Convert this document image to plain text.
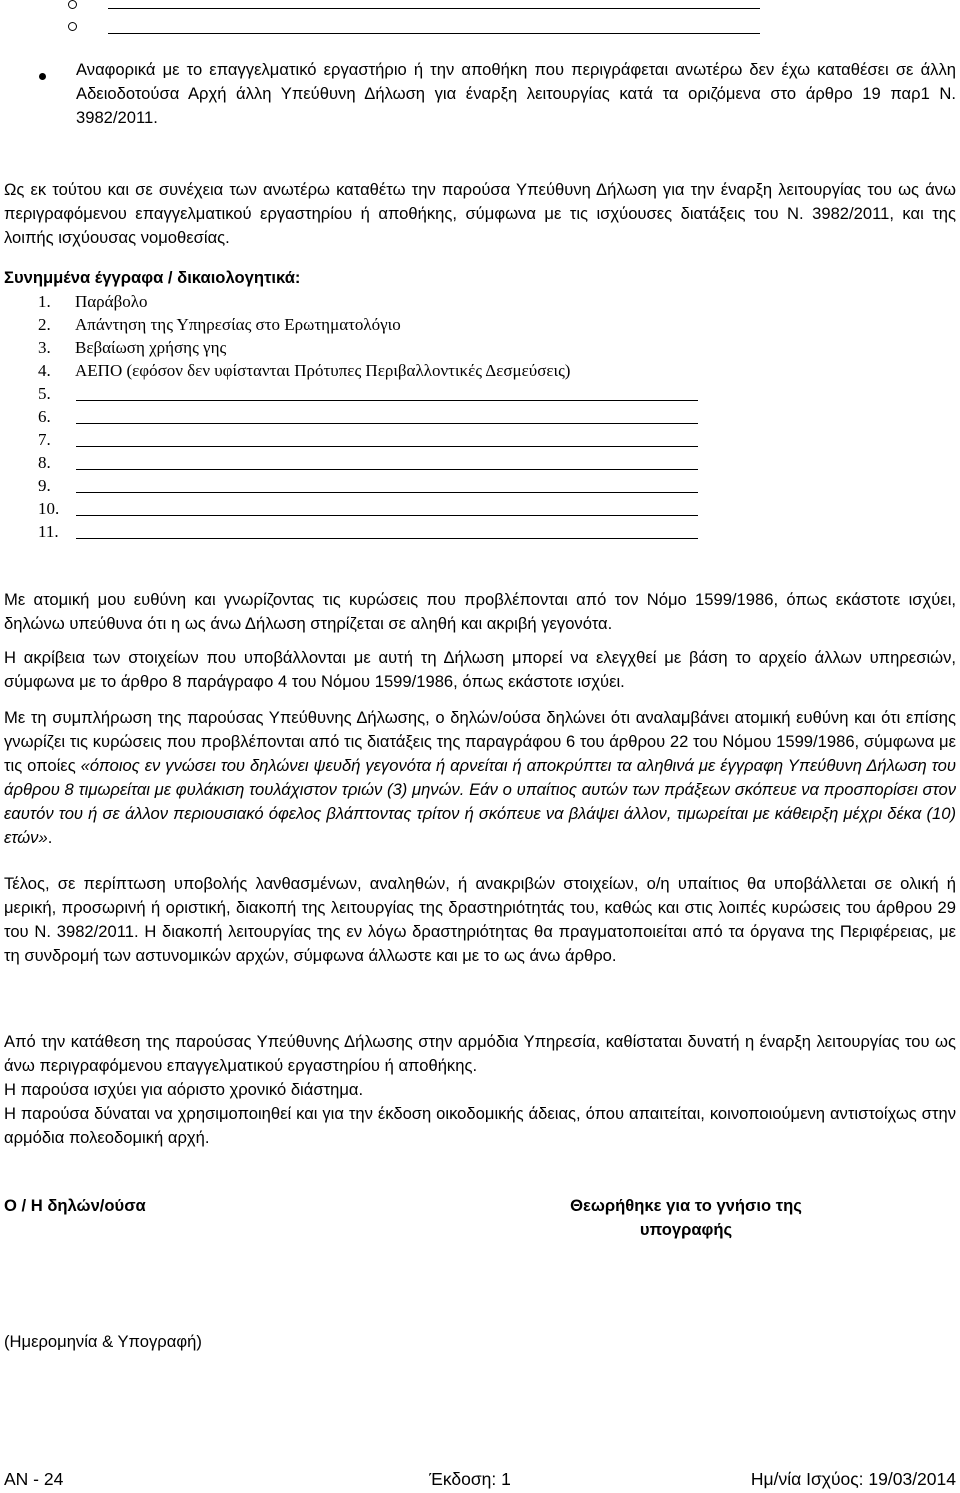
Αναφορικά με το επαγγελματικό εργαστήριο ή την αποθήκη που περιγράφεται ανωτέρω δεν έχω καταθέσει σε άλλη Αδειοδοτούσα Αρχή άλλη Υπεύθυνη Δήλωση για έναρξη λειτουργίας κατά τα οριζόμενα στο άρθρο 19 παρ1 Ν. 3982/2011.
Ως εκ τούτου και σε συνέχεια των ανωτέρω καταθέτω την παρούσα Υπεύθυνη Δήλωση για την έναρξη λειτουργίας του ως άνω περιγραφόμενου επαγγελματικού εργαστηρίου ή αποθήκης, σύμφωνα με τις ισχύουσες διατάξεις του Ν. 3982/2011, και της λοιπής ισχύουσας νομοθεσίας.
Συνημμένα έγγραφα / δικαιολογητικά:
1. Παράβολο
2. Απάντηση της Υπηρεσίας στο Ερωτηματολόγιο
3. Βεβαίωση χρήσης γης
4. ΑΕΠΟ (εφόσον δεν υφίστανται Πρότυπες Περιβαλλοντικές Δεσμεύσεις)
5.
6.
7.
8.
9.
10.
11.
Με ατομική μου ευθύνη και γνωρίζοντας τις κυρώσεις που προβλέπονται από τον Νόμο 1599/1986, όπως εκάστοτε ισχύει, δηλώνω υπεύθυνα ότι η ως άνω Δήλωση στηρίζεται σε αληθή και ακριβή γεγονότα.
Η ακρίβεια των στοιχείων που υποβάλλονται με αυτή τη Δήλωση μπορεί να ελεγχθεί με βάση το αρχείο άλλων υπηρεσιών, σύμφωνα με το άρθρο 8 παράγραφο 4 του Νόμου 1599/1986, όπως εκάστοτε ισχύει.
Με τη συμπλήρωση της παρούσας Υπεύθυνης Δήλωσης, ο δηλών/ούσα δηλώνει ότι αναλαμβάνει ατομική ευθύνη και ότι επίσης γνωρίζει τις κυρώσεις που προβλέπονται από τις διατάξεις της παραγράφου 6 του άρθρου 22 του Νόμου 1599/1986, σύμφωνα με τις οποίες «όποιος εν γνώσει του δηλώνει ψευδή γεγονότα ή αρνείται ή αποκρύπτει τα αληθινά με έγγραφη Υπεύθυνη Δήλωση του άρθρου 8 τιμωρείται με φυλάκιση τουλάχιστον τριών (3) μηνών. Εάν ο υπαίτιος αυτών των πράξεων σκόπευε να προσπορίσει στον εαυτόν του ή σε άλλον περιουσιακό όφελος βλάπτοντας τρίτον ή σκόπευε να βλάψει άλλον, τιμωρείται με κάθειρξη μέχρι δέκα (10) ετών».
Τέλος, σε περίπτωση υποβολής λανθασμένων, αναληθών, ή ανακριβών στοιχείων, ο/η υπαίτιος θα υποβάλλεται σε ολική ή μερική, προσωρινή ή οριστική, διακοπή της λειτουργίας της δραστηριότητάς του, καθώς και στις λοιπές κυρώσεις του άρθρου 29 του Ν. 3982/2011. Η διακοπή λειτουργίας της εν λόγω δραστηριότητας θα πραγματοποιείται από τα όργανα της Περιφέρειας, με τη συνδρομή των αστυνομικών αρχών, σύμφωνα άλλωστε και με το ως άνω άρθρο.
Από την κατάθεση της παρούσας Υπεύθυνης Δήλωσης στην αρμόδια Υπηρεσία, καθίσταται δυνατή η έναρξη λειτουργίας του ως άνω περιγραφόμενου επαγγελματικού εργαστηρίου ή αποθήκης.
Η παρούσα ισχύει για αόριστο χρονικό διάστημα.
Η παρούσα δύναται να χρησιμοποιηθεί και για την έκδοση οικοδομικής άδειας, όπου απαιτείται, κοινοποιούμενη αντιστοίχως στην αρμόδια πολεοδομική αρχή.
Ο / Η δηλών/ούσα	Θεωρήθηκε για το γνήσιο της υπογραφής
(Ημερομηνία & Υπογραφή)
ΑΝ - 24	Έκδοση: 1	Ημ/νία Ισχύος: 19/03/2014
